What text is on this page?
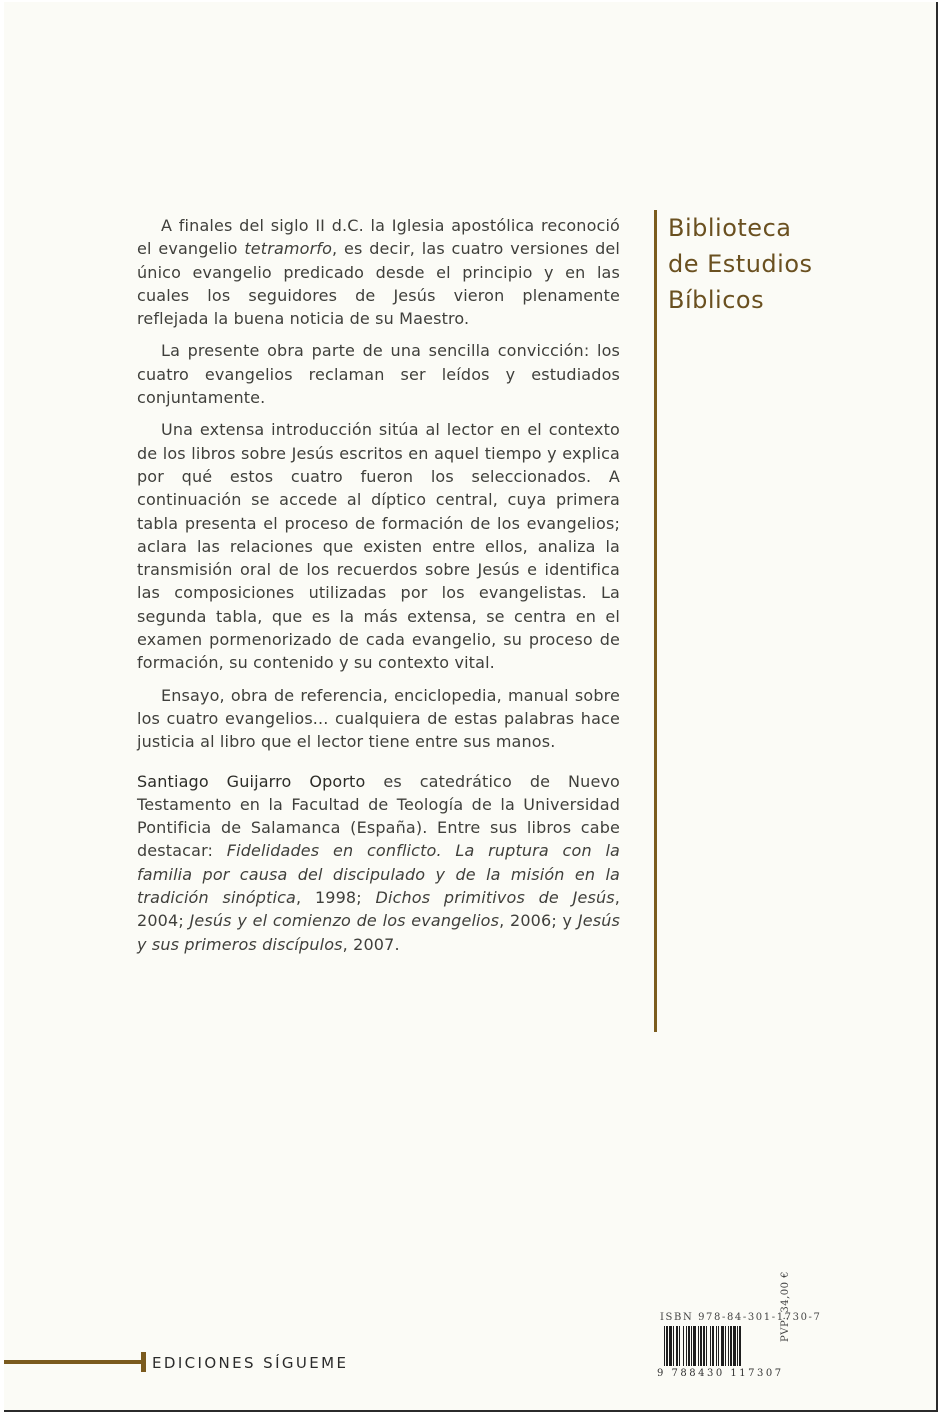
A finales del siglo II d.C. la Iglesia apostólica reconoció el evangelio tetramorfo, es decir, las cuatro versiones del único evangelio predicado desde el principio y en las cuales los seguidores de Jesús vieron plenamente reflejada la buena noticia de su Maestro.

La presente obra parte de una sencilla convicción: los cuatro evangelios reclaman ser leídos y estudiados conjuntamente.

Una extensa introducción sitúa al lector en el contexto de los libros sobre Jesús escritos en aquel tiempo y explica por qué estos cuatro fueron los seleccionados. A continuación se accede al díptico central, cuya primera tabla presenta el proceso de formación de los evangelios; aclara las relaciones que existen entre ellos, analiza la transmisión oral de los recuerdos sobre Jesús e identifica las composiciones utilizadas por los evangelistas. La segunda tabla, que es la más extensa, se centra en el examen pormenorizado de cada evangelio, su proceso de formación, su contenido y su contexto vital.

Ensayo, obra de referencia, enciclopedia, manual sobre los cuatro evangelios... cualquiera de estas palabras hace justicia al libro que el lector tiene entre sus manos.

Santiago Guijarro Oporto es catedrático de Nuevo Testamento en la Facultad de Teología de la Universidad Pontificia de Salamanca (España). Entre sus libros cabe destacar: Fidelidades en conflicto. La ruptura con la familia por causa del discipulado y de la misión en la tradición sinóptica, 1998; Dichos primitivos de Jesús, 2004; Jesús y el comienzo de los evangelios, 2006; y Jesús y sus primeros discípulos, 2007.

Biblioteca
de Estudios
Bíblicos
EDICIONES SÍGUEME
ISBN 978-84-301-1730-7
9 788430 117307
PVP: 34,00 €
